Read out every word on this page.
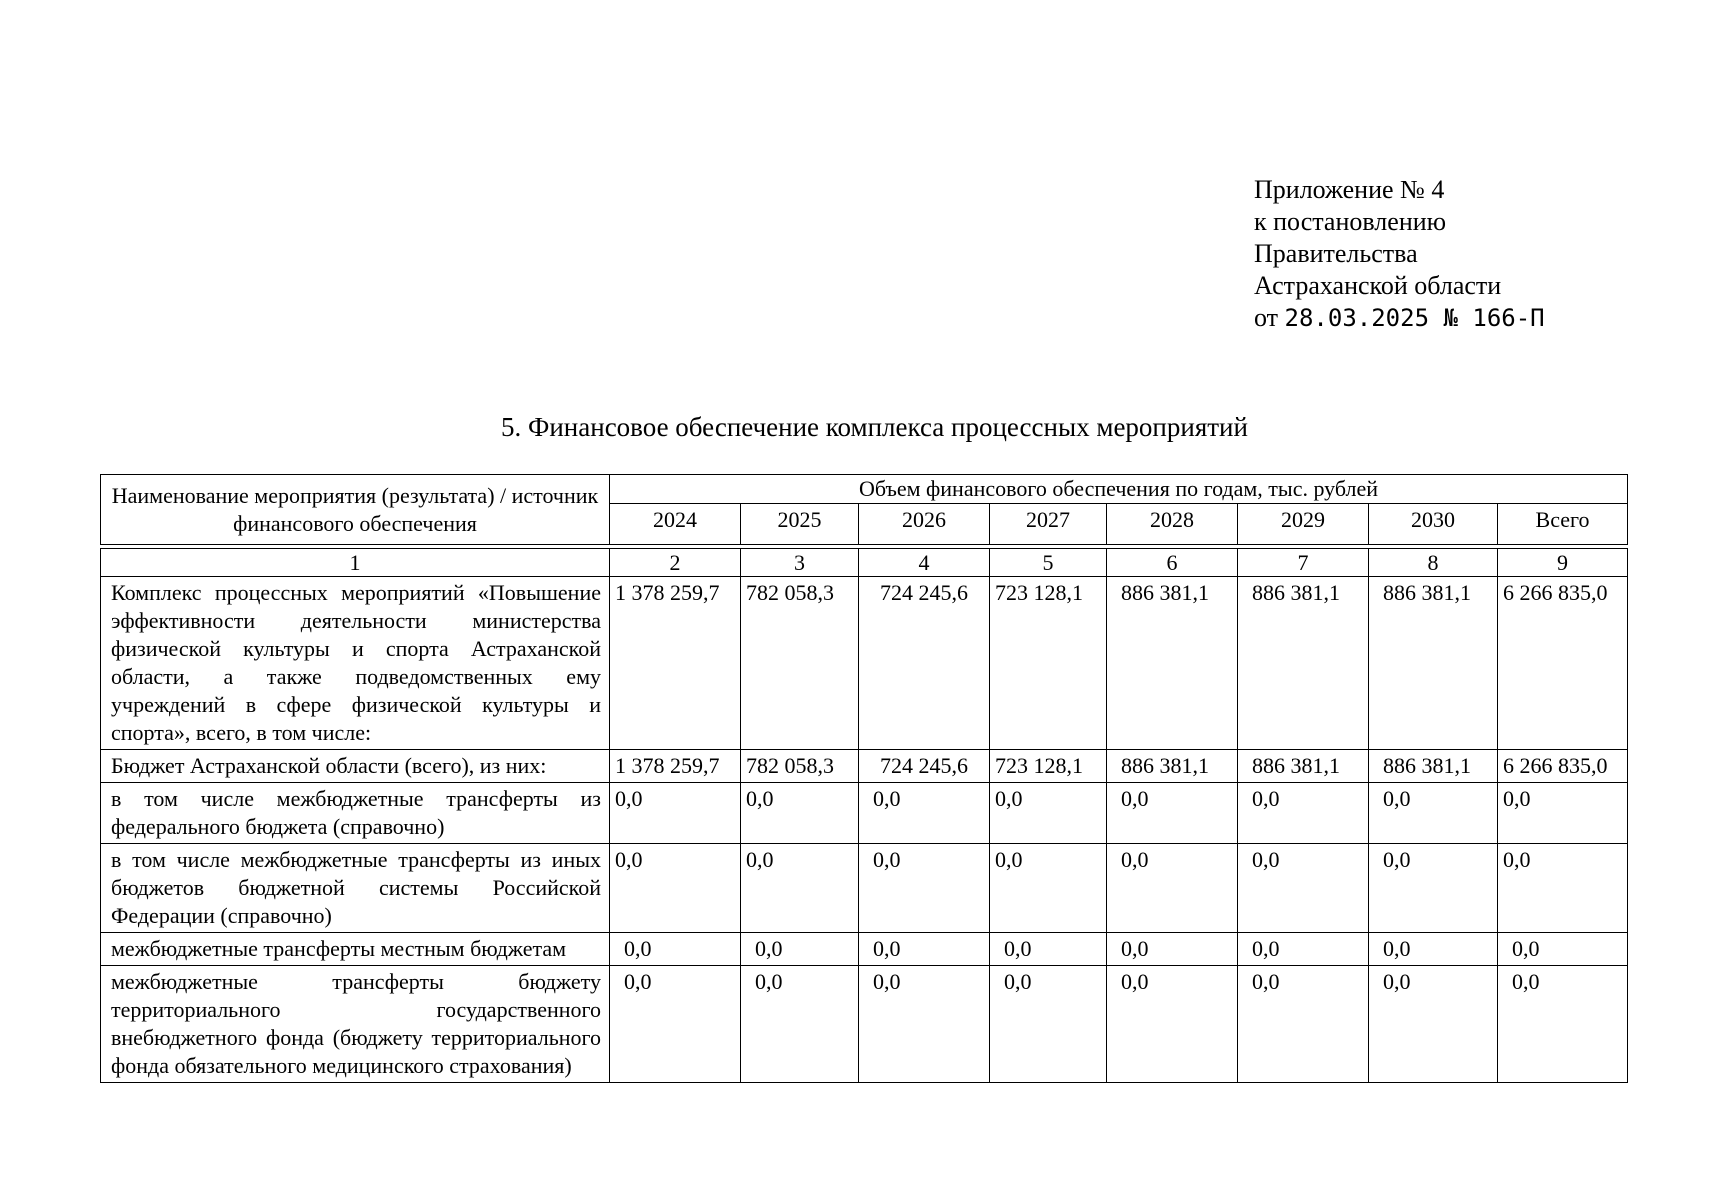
Приложение № 4
к постановлению
Правительства
Астраханской области
от 28.03.2025 № 166-П
5. Финансовое обеспечение комплекса процессных мероприятий
Наименование мероприятия (результата) / источник финансового обеспечения	Объем финансового обеспечения по годам, тыс. рублей							
	2024	2025	2026	2027	2028	2029	2030	Всего

1	2	3	4	5	6	7	8	9
Комплекс процессных мероприятий «Повышение эффективности деятельности министерства физической культуры и спорта Астраханской области, а также подведомственных ему учреждений в сфере физической культуры и спорта», всего, в том числе:	1 378 259,7	782 058,3	724 245,6	723 128,1	886 381,1	886 381,1	886 381,1	6 266 835,0
Бюджет Астраханской области (всего), из них:	1 378 259,7	782 058,3	724 245,6	723 128,1	886 381,1	886 381,1	886 381,1	6 266 835,0
в том числе межбюджетные трансферты из федерального бюджета (справочно)	0,0	0,0	0,0	0,0	0,0	0,0	0,0	0,0
в том числе межбюджетные трансферты из иных бюджетов бюджетной системы Российской Федерации (справочно)	0,0	0,0	0,0	0,0	0,0	0,0	0,0	0,0
межбюджетные трансферты местным бюджетам	0,0	0,0	0,0	0,0	0,0	0,0	0,0	0,0
межбюджетные трансферты бюджету территориального государственного внебюджетного фонда (бюджету территориального фонда обязательного медицинского страхования)	0,0	0,0	0,0	0,0	0,0	0,0	0,0	0,0
